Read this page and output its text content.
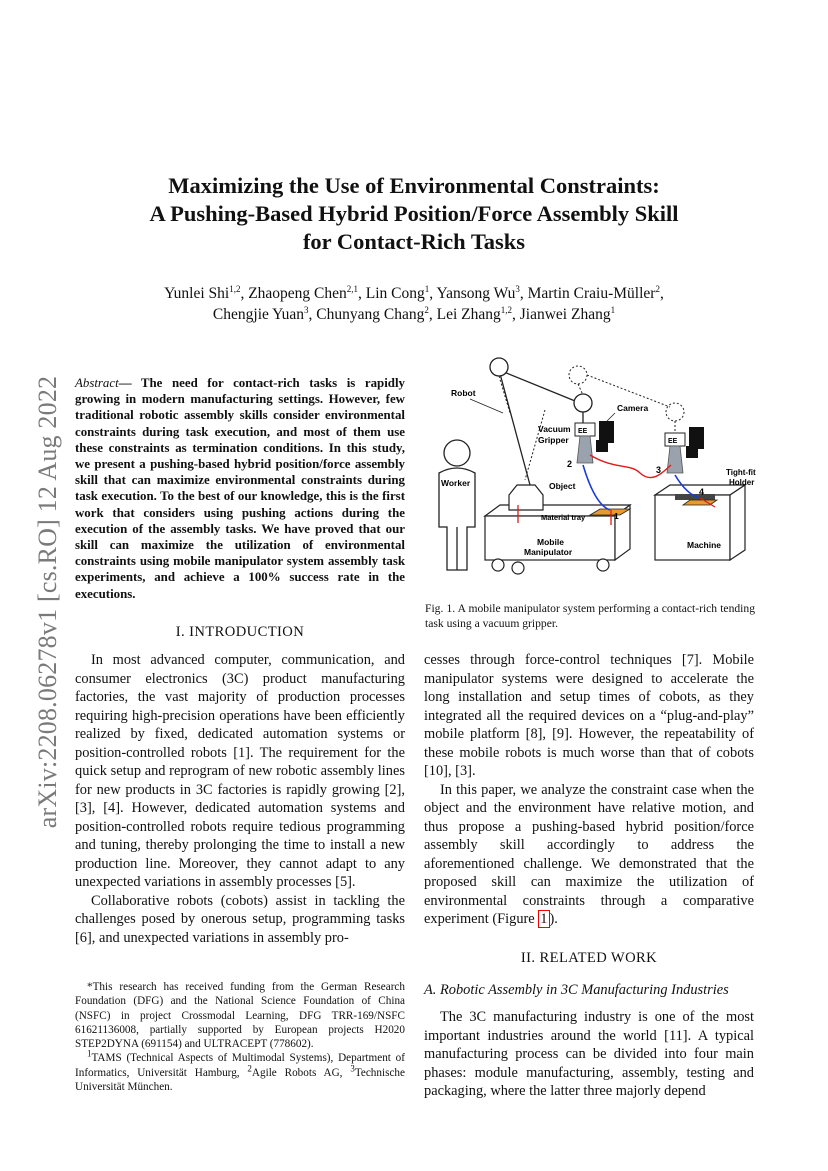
arXiv:2208.06278v1 [cs.RO] 12 Aug 2022
Maximizing the Use of Environmental Constraints:
A Pushing-Based Hybrid Position/Force Assembly Skill
for Contact-Rich Tasks
Yunlei Shi$^{1,2}$, Zhaopeng Chen$^{2,1}$, Lin Cong$^1$, Yansong Wu$^3$, Martin Craiu-Müller$^2$,
Chengjie Yuan$^3$, Chunyang Chang$^2$, Lei Zhang$^{1,2}$, Jianwei Zhang$^1$
Abstract— The need for contact-rich tasks is rapidly growing in modern manufacturing settings. However, few traditional robotic assembly skills consider environmental constraints during task execution, and most of them use these constraints as termination conditions. In this study, we present a pushing-based hybrid position/force assembly skill that can maximize environmental constraints during task execution. To the best of our knowledge, this is the first work that considers using pushing actions during the execution of the assembly tasks. We have proved that our skill can maximize the utilization of environmental constraints using mobile manipulator system assembly task experiments, and achieve a 100% success rate in the executions.
I. INTRODUCTION

In most advanced computer, communication, and consumer electronics (3C) product manufacturing factories, the vast majority of production processes requiring high-precision operations have been efficiently realized by fixed, dedicated automation systems or position-controlled robots [1]. The requirement for the quick setup and reprogram of new robotic assembly lines for new products in 3C factories is rapidly growing [2], [3], [4]. However, dedicated automation systems and position-controlled robots require tedious programming and tuning, thereby prolonging the time to install a new production line. Moreover, they cannot adapt to any unexpected variations in assembly processes [5].

Collaborative robots (cobots) assist in tackling the challenges posed by onerous setup, programming tasks [6], and unexpected variations in assembly pro-

*This research has received funding from the German Research Foundation (DFG) and the National Science Foundation of China (NSFC) in project Crossmodal Learning, DFG TRR-169/NSFC 61621136008, partially supported by European projects H2020 STEP2DYNA (691154) and ULTRACEPT (778602).

$^1$TAMS (Technical Aspects of Multimodal Systems), Department of Informatics, Universität Hamburg, $^2$Agile Robots AG, $^3$Technische Universität München.

Robot
EE
EE
Camera
Vacuum
Gripper
Worker
Mobile
Manipulator
Material tray
Object
Machine
Tight-fit
Holder
1
2
3
4
Fig. 1. A mobile manipulator system performing a contact-rich tending task using a vacuum gripper.

cesses through force-control techniques [7]. Mobile manipulator systems were designed to accelerate the long installation and setup times of cobots, as they integrated all the required devices on a “plug-and-play” mobile platform [8], [9]. However, the repeatability of these mobile robots is much worse than that of cobots [10], [3].

In this paper, we analyze the constraint case when the object and the environment have relative motion, and thus propose a pushing-based hybrid position/force assembly skill accordingly to address the aforementioned challenge. We demonstrated that the proposed skill can maximize the utilization of environmental constraints through a comparative experiment (Figure 1 ).

II. RELATED WORK
A. Robotic Assembly in 3C Manufacturing Industries

The 3C manufacturing industry is one of the most important industries around the world [11]. A typical manufacturing process can be divided into four main phases: module manufacturing, assembly, testing and packaging, where the latter three majorly depend
